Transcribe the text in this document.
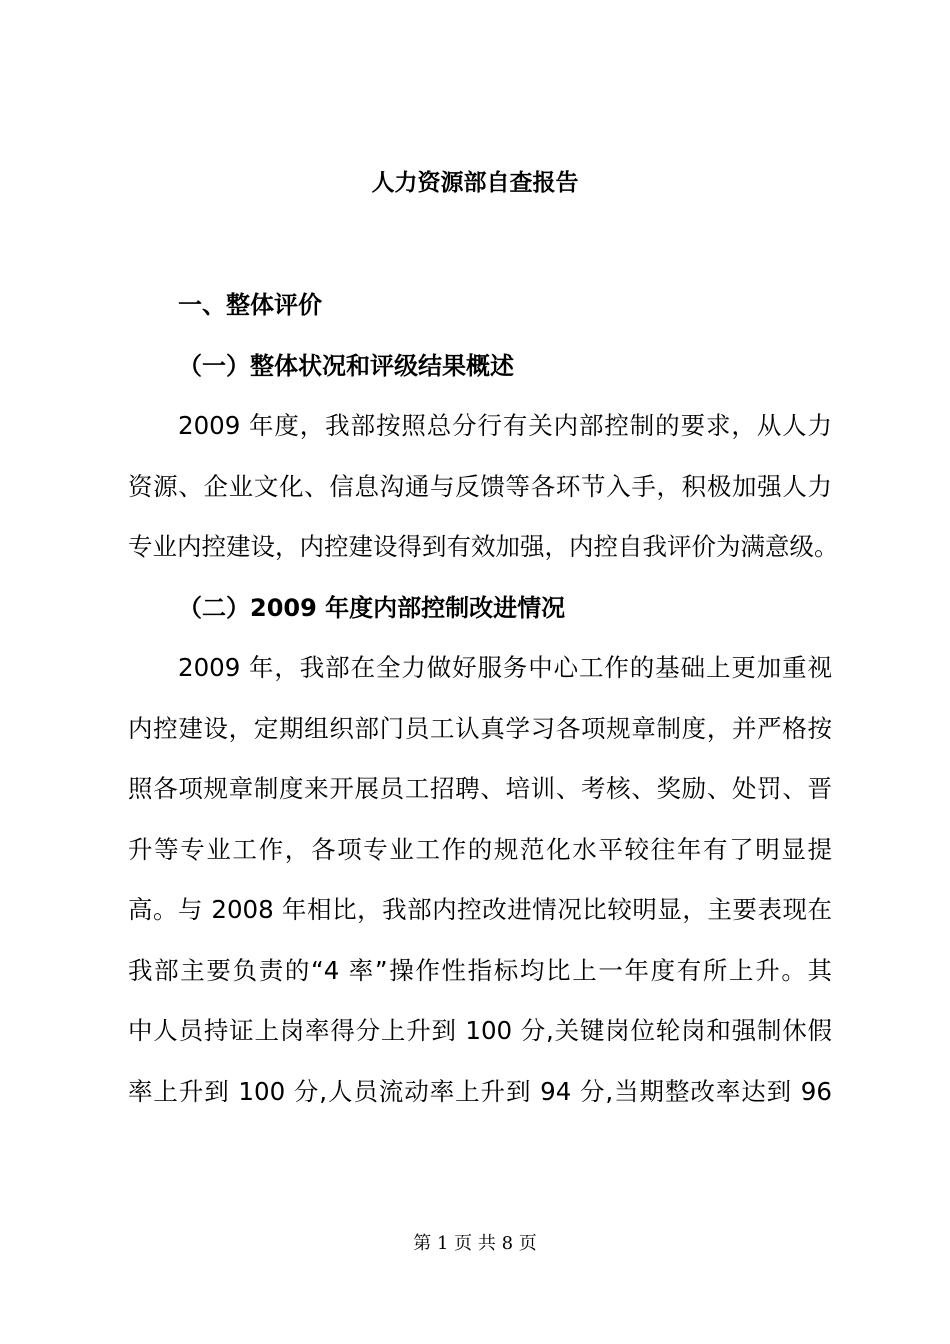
人力资源部自查报告
一、整体评价
（一）整体状况和评级结果概述
2009 年度，我部按照总分行有关内部控制的要求，从人力
资源、企业文化、信息沟通与反馈等各环节入手，积极加强人力
专业内控建设，内控建设得到有效加强，内控自我评价为满意级。
（二）2009 年度内部控制改进情况
2009 年，我部在全力做好服务中心工作的基础上更加重视
内控建设，定期组织部门员工认真学习各项规章制度，并严格按
照各项规章制度来开展员工招聘、培训、考核、奖励、处罚、晋
升等专业工作，各项专业工作的规范化水平较往年有了明显提
高。与 2008 年相比，我部内控改进情况比较明显，主要表现在
我部主要负责的“4 率”操作性指标均比上一年度有所上升。其
中人员持证上岗率得分上升到 100 分,关键岗位轮岗和强制休假
率上升到 100 分,人员流动率上升到 94 分,当期整改率达到 96
第 1 页 共 8 页
